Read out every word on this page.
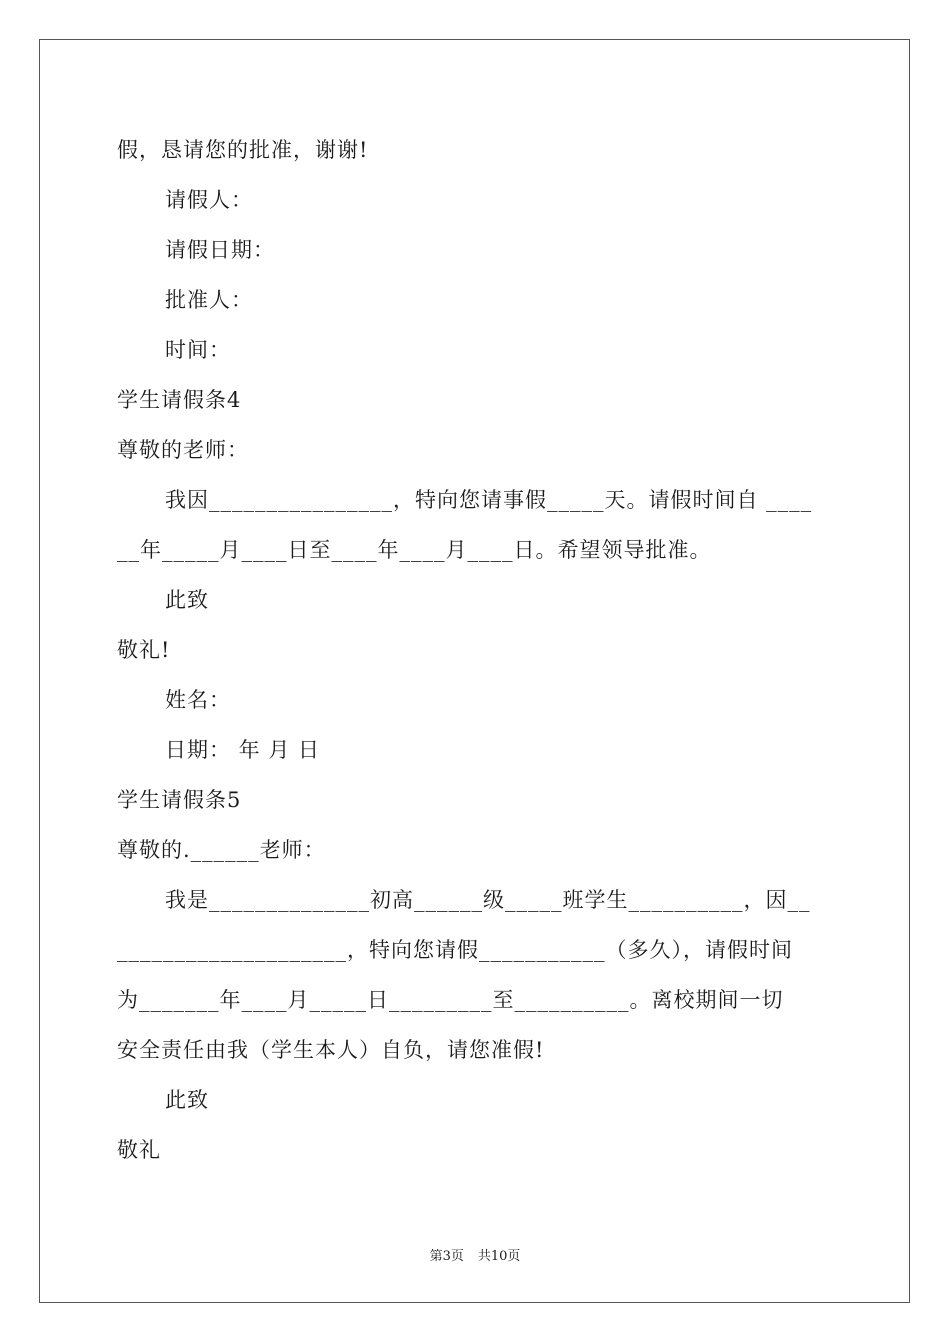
假，恳请您的批准，谢谢!
请假人：
请假日期：
批准人：
时间：
学生请假条4
尊敬的老师：
我因________________，特向您请事假_____天。请假时间自 ____
__年_____月____日至____年____月____日。希望领导批准。
此致
敬礼!
姓名：
日期： 年 月 日
学生请假条5
尊敬的.______老师：
我是______________初高______级_____班学生__________，因__
____________________，特向您请假___________（多久），请假时间
为_______年____月_____日_________至__________。离校期间一切
安全责任由我（学生本人）自负，请您准假!
此致
敬礼
第3页 共10页
